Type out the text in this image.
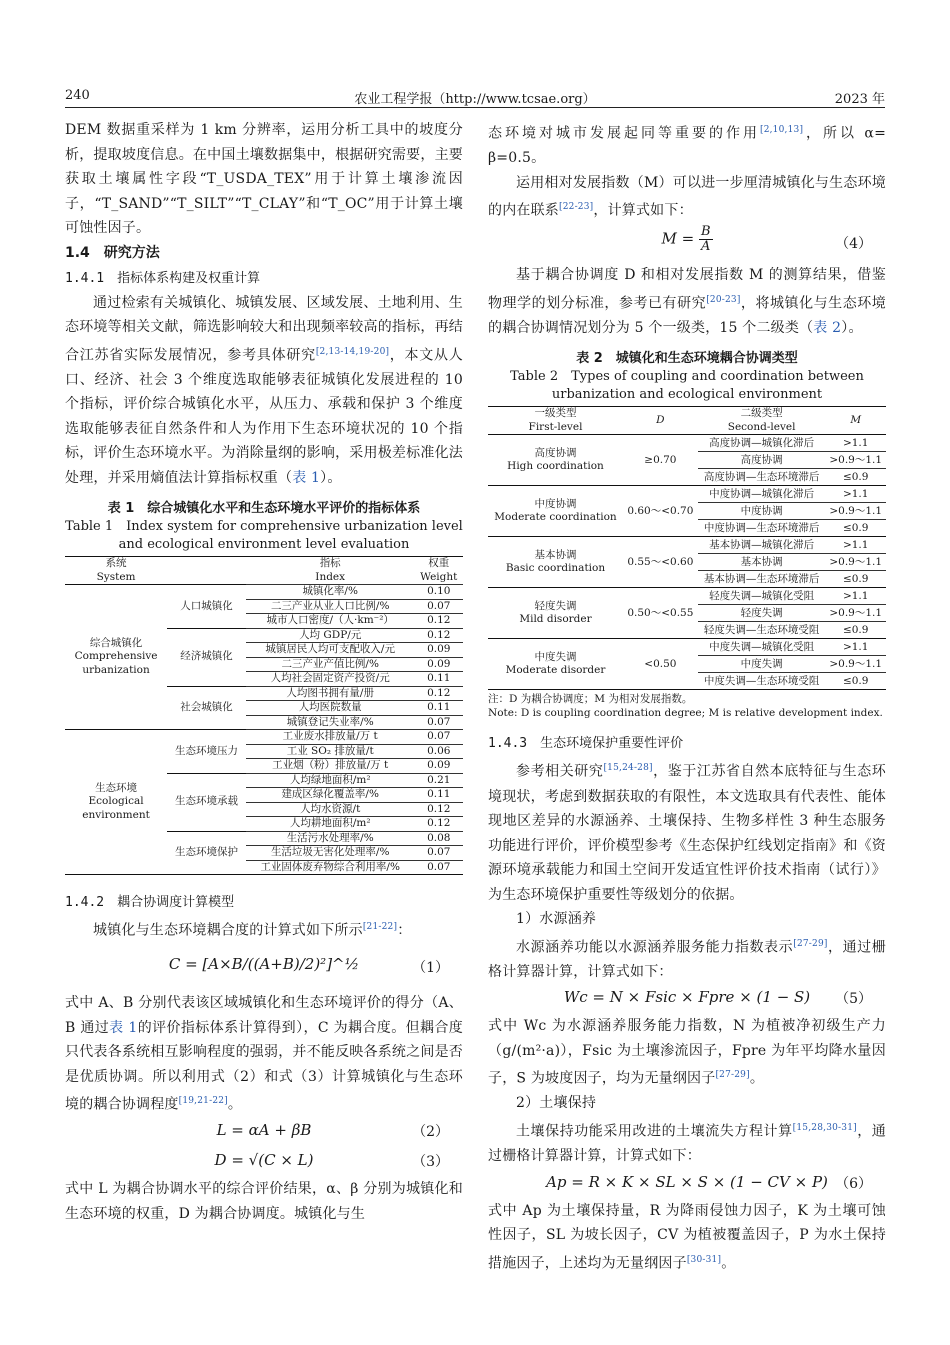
240	农业工程学报（http://www.tcsae.org）	2023 年

DEM 数据重采样为 1 km 分辨率，运用分析工具中的坡度分析，提取坡度信息。在中国土壤数据集中，根据研究需要，主要获取土壤属性字段“T_USDA_TEX”用于计算土壤渗流因子，“T_SAND”“T_SILT”“T_CLAY”和“T_OC”用于计算土壤可蚀性因子。

1.4　研究方法
1.4.1　指标体系构建及权重计算

通过检索有关城镇化、城镇发展、区域发展、土地利用、生态环境等相关文献，筛选影响较大和出现频率较高的指标，再结合江苏省实际发展情况，参考具体研究[2,13-14,19-20]，本文从人口、经济、社会 3 个维度选取能够表征城镇化发展进程的 10 个指标，评价综合城镇化水平，从压力、承载和保护 3 个维度选取能够表征自然条件和人为作用下生态环境状况的 10 个指标，评价生态环境水平。为消除量纲的影响，采用极差标准化法处理，并采用熵值法计算指标权重（表 1）。

表 1　综合城镇化水平和生态环境水平评价的指标体系
Table 1　Index system for comprehensive urbanization level and ecological environment level evaluation
系统
System		指标
Index	权重
Weight
综合城镇化
Comprehensive
urbanization	人口城镇化	城镇化率/%	0.10
		二三产业从业人口比例/%	0.07
		城市人口密度/（人·km⁻²）	0.12
	经济城镇化	人均 GDP/元	0.12
		城镇居民人均可支配收入/元	0.09
		二三产业产值比例/%	0.09
		人均社会固定资产投资/元	0.11
	社会城镇化	人均图书拥有量/册	0.12
		人均医院数量	0.11
		城镇登记失业率/%	0.07
生态环境
Ecological
environment	生态环境压力	工业废水排放量/万 t	0.07
		工业 SO₂ 排放量/t	0.06
		工业烟（粉）排放量/万 t	0.09
	生态环境承载	人均绿地面积/m²	0.21
		建成区绿化覆盖率/%	0.11
		人均水资源/t	0.12
		人均耕地面积/m²	0.12
	生态环境保护	生活污水处理率/%	0.08
		生活垃圾无害化处理率/%	0.07
		工业固体废弃物综合利用率/%	0.07
1.4.2　耦合协调度计算模型

城镇化与生态环境耦合度的计算式如下所示[21-22]：

C = [A×B/((A+B)/2)²]^½	（1）

式中 A、B 分别代表该区域城镇化和生态环境评价的得分（A、B 通过表 1的评价指标体系计算得到），C 为耦合度。但耦合度只代表各系统相互影响程度的强弱，并不能反映各系统之间是否是优质协调。所以利用式（2）和式（3）计算城镇化与生态环境的耦合协调程度[19,21-22]。

L = αA + βB	（2）
D = √(C × L)	（3）

式中 L 为耦合协调水平的综合评价结果，α、β 分别为城镇化和生态环境的权重，D 为耦合协调度。城镇化与生

态环境对城市发展起同等重要的作用[2,10,13]，所以 α= β=0.5。

运用相对发展指数（M）可以进一步厘清城镇化与生态环境的内在联系[22-23]，计算式如下：

$M = \frac{B}{A}$	（4）

基于耦合协调度 D 和相对发展指数 M 的测算结果，借鉴物理学的划分标准，参考已有研究[20-23]，将城镇化与生态环境的耦合协调情况划分为 5 个一级类，15 个二级类（表 2）。

表 2　城镇化和生态环境耦合协调类型
Table 2　Types of coupling and coordination between urbanization and ecological environment
一级类型
First-level	D	二级类型
Second-level	M
高度协调
High coordination	≥0.70	高度协调—城镇化滞后	>1.1
		高度协调	>0.9～1.1
		高度协调—生态环境滞后	≤0.9
中度协调
Moderate coordination	0.60～<0.70	中度协调—城镇化滞后	>1.1
		中度协调	>0.9～1.1
		中度协调—生态环境滞后	≤0.9
基本协调
Basic coordination	0.55～<0.60	基本协调—城镇化滞后	>1.1
		基本协调	>0.9～1.1
		基本协调—生态环境滞后	≤0.9
轻度失调
Mild disorder	0.50～<0.55	轻度失调—城镇化受阻	>1.1
		轻度失调	>0.9～1.1
		轻度失调—生态环境受阻	≤0.9
中度失调
Moderate disorder	<0.50	中度失调—城镇化受阻	>1.1
		中度失调	>0.9～1.1
		中度失调—生态环境受阻	≤0.9
注：D 为耦合协调度；M 为相对发展指数。
Note: D is coupling coordination degree; M is relative development index.
1.4.3　生态环境保护重要性评价

参考相关研究[15,24-28]，鉴于江苏省自然本底特征与生态环境现状，考虑到数据获取的有限性，本文选取具有代表性、能体现地区差异的水源涵养、土壤保持、生物多样性 3 种生态服务功能进行评价，评价模型参考《生态保护红线划定指南》和《资源环境承载能力和国土空间开发适宜性评价技术指南（试行）》为生态环境保护重要性等级划分的依据。

1）水源涵养

水源涵养功能以水源涵养服务能力指数表示[27-29]，通过栅格计算器计算，计算式如下：

Wc = N × Fsic × Fpre × (1 − S) （5）

式中 Wc 为水源涵养服务能力指数，N 为植被净初级生产力（g/(m²·a)），Fsic 为土壤渗流因子，Fpre 为年平均降水量因子，S 为坡度因子，均为无量纲因子[27-29]。

2）土壤保持

土壤保持功能采用改进的土壤流失方程计算[15,28,30-31]，通过栅格计算器计算，计算式如下：

Ap = R × K × SL × S × (1 − CV × P) （6）

式中 Ap 为土壤保持量，R 为降雨侵蚀力因子，K 为土壤可蚀性因子，SL 为坡长因子，CV 为植被覆盖因子，P 为水土保持措施因子，上述均为无量纲因子[30-31]。
